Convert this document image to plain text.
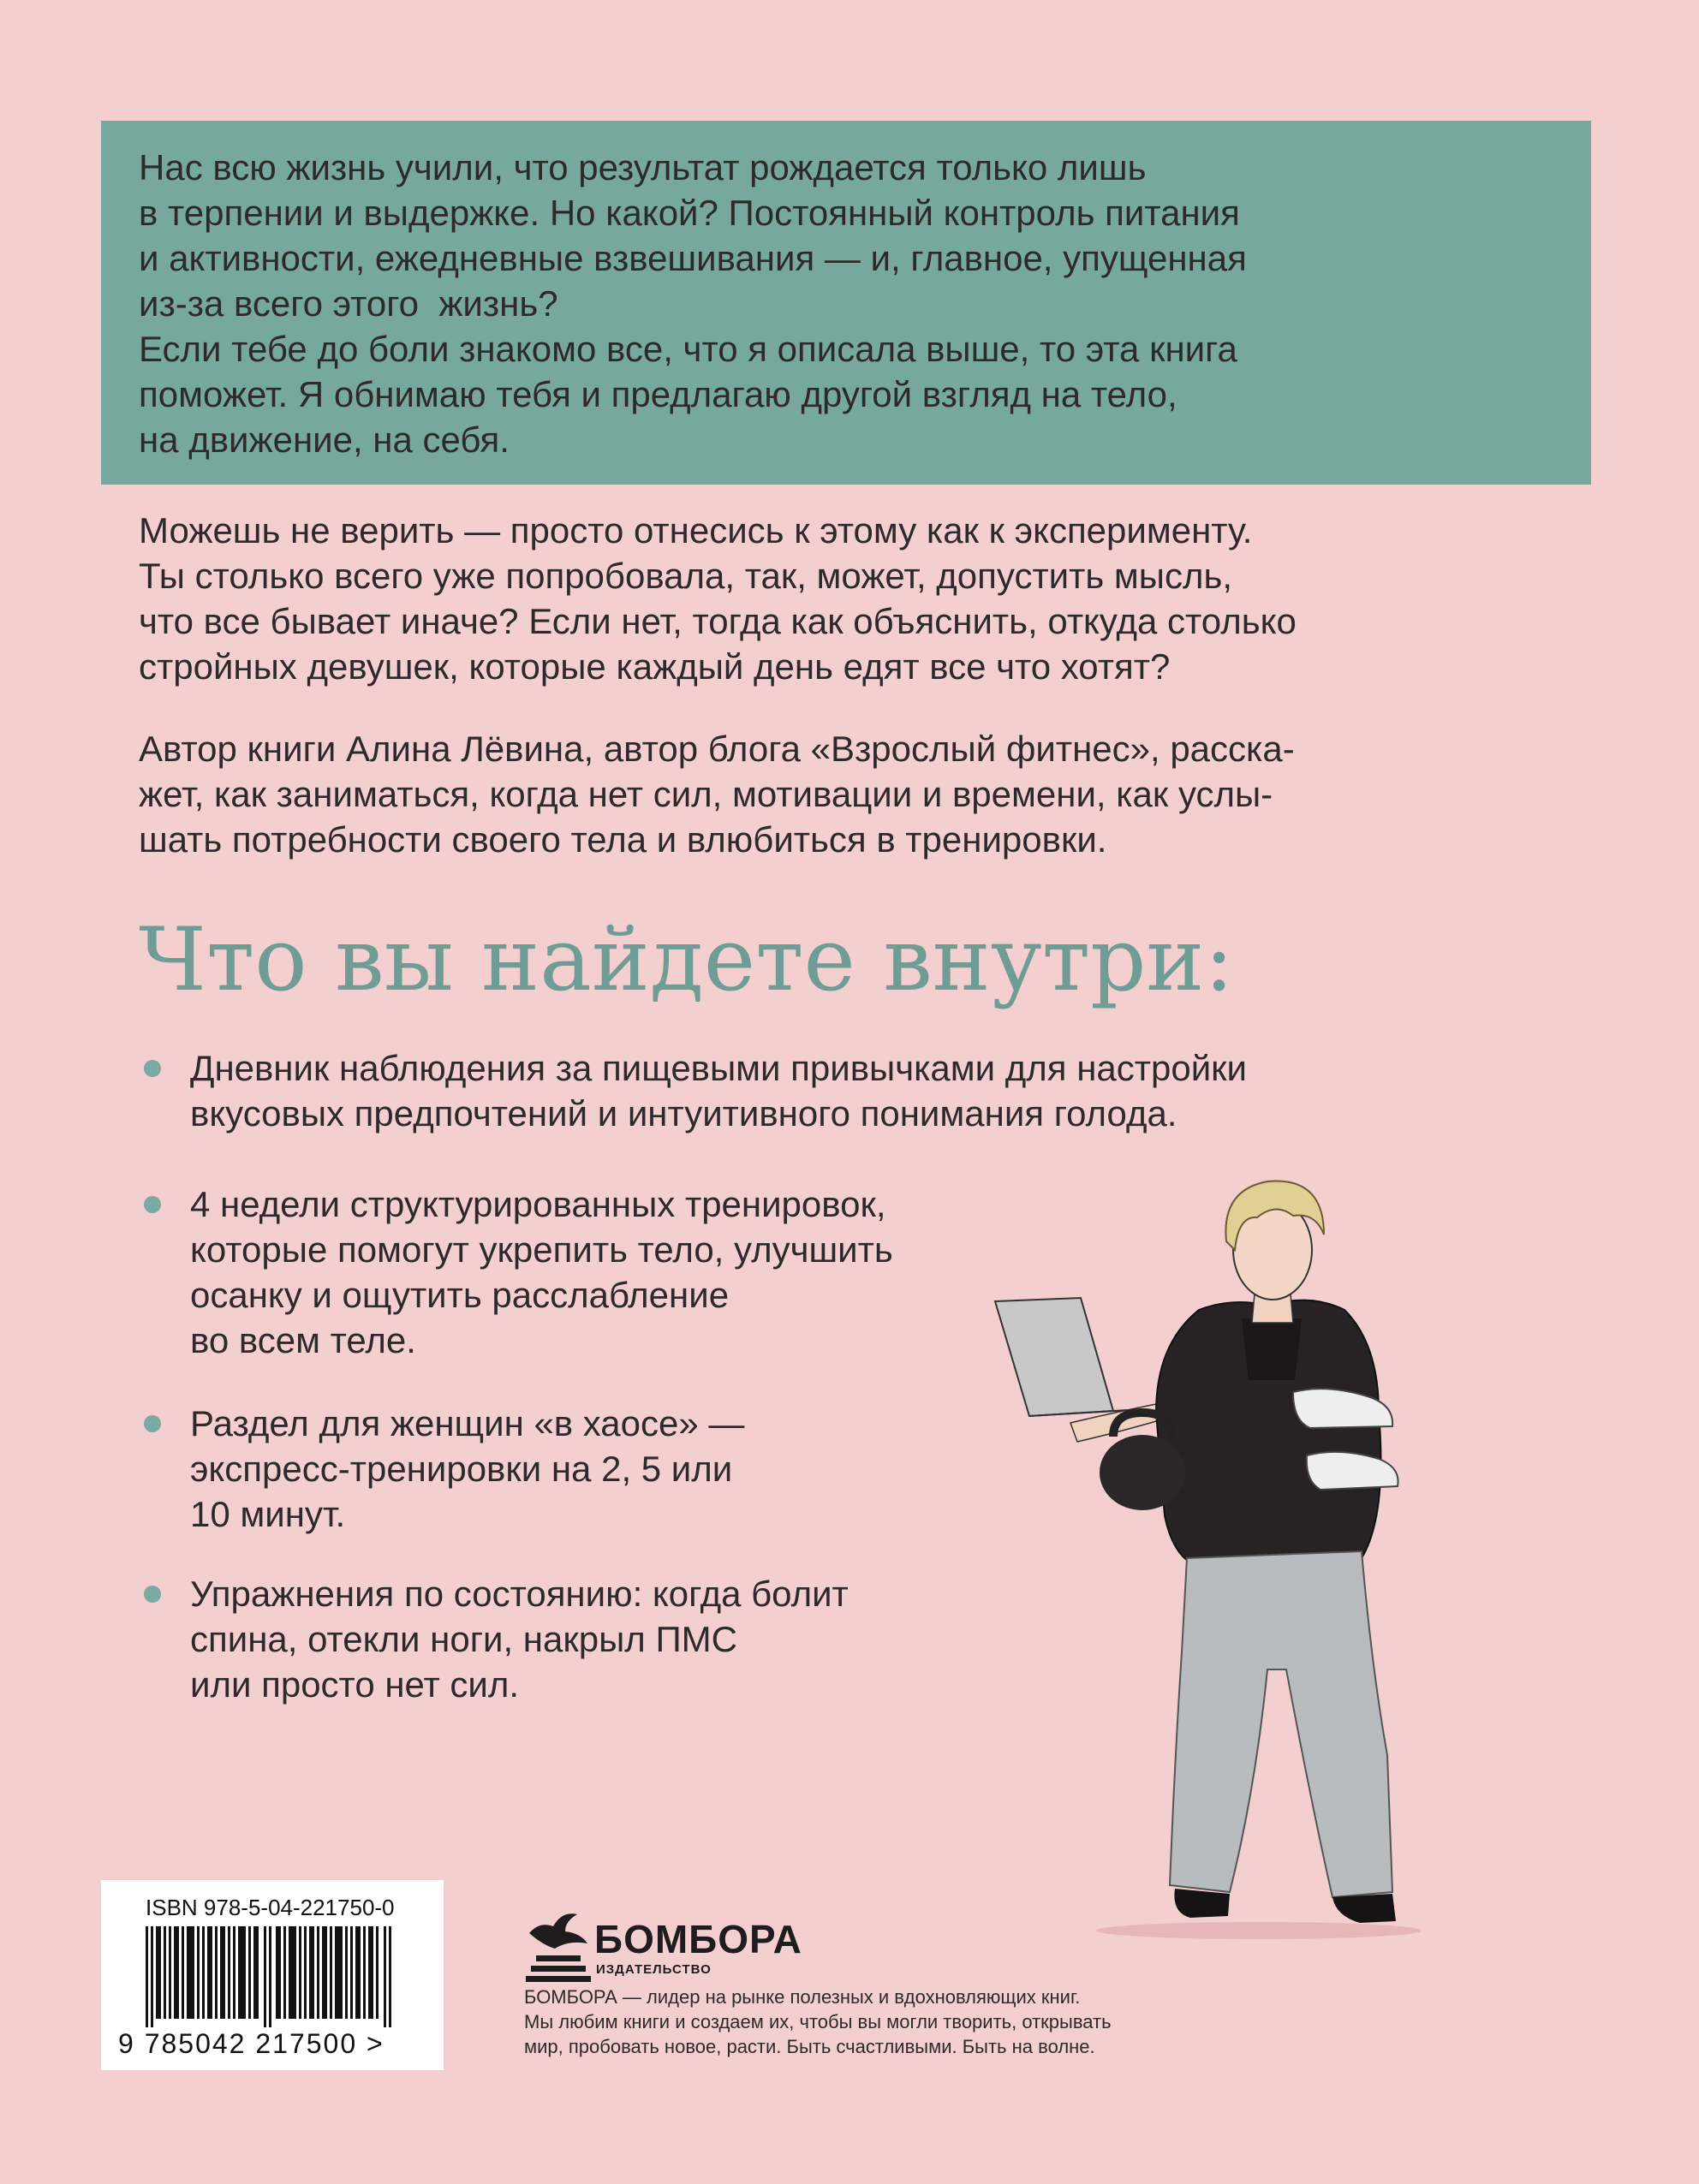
Нас всю жизнь учили, что результат рождается только лишь

в терпении и выдержке. Но какой? Постоянный контроль питания

и активности, ежедневные взвешивания — и, главное, упущенная

из-за всего этого  жизнь?

Если тебе до боли знакомо все, что я описала выше, то эта книга

поможет. Я обнимаю тебя и предлагаю другой взгляд на тело,

на движение, на себя.

Можешь не верить — просто отнесись к этому как к эксперименту.

Ты столько всего уже попробовала, так, может, допустить мысль,

что все бывает иначе? Если нет, тогда как объяснить, откуда столько

стройных девушек, которые каждый день едят все что хотят?

Автор книги Алина Лёвина, автор блога «Взрослый фитнес», расска-

жет, как заниматься, когда нет сил, мотивации и времени, как услы-

шать потребности своего тела и влюбиться в тренировки.

Что вы найдете внутри:

Дневник наблюдения за пищевыми привычками для настройки

вкусовых предпочтений и интуитивного понимания голода.

4 недели структурированных тренировок,

которые помогут укрепить тело, улучшить

осанку и ощутить расслабление

во всем теле.

Раздел для женщин «в хаосе» —

экспресс-тренировки на 2, 5 или

10 минут.

Упражнения по состоянию: когда болит

спина, отекли ноги, накрыл ПМС

или просто нет сил.

ISBN 978-5-04-221750-0
9 785042 217500 >
БОМБОРА
ИЗДАТЕЛЬСТВО

БОМБОРА — лидер на рынке полезных и вдохновляющих книг.

Мы любим книги и создаем их, чтобы вы могли творить, открывать

мир, пробовать новое, расти. Быть счастливыми. Быть на волне.
